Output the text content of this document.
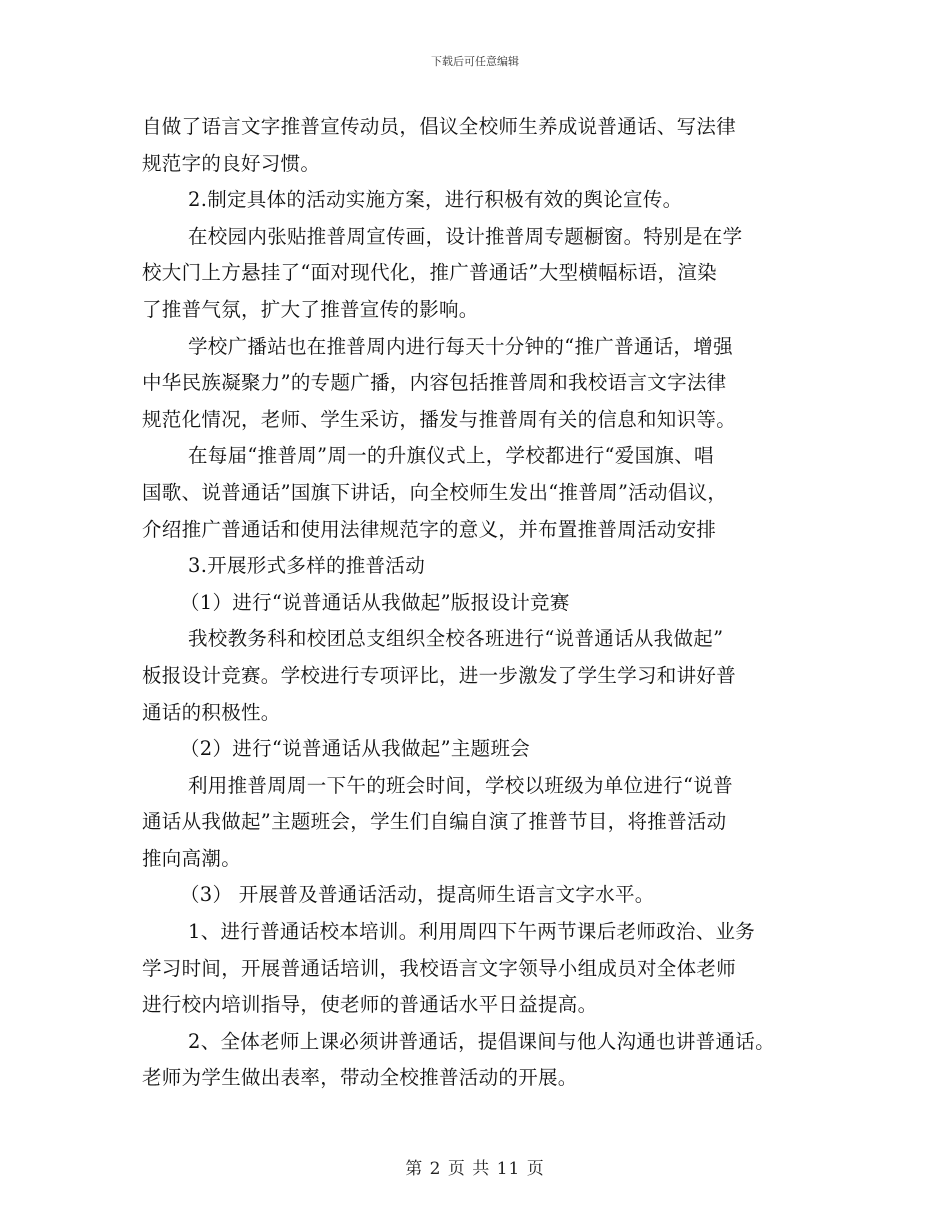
下载后可任意编辑
自做了语言文字推普宣传动员，倡议全校师生养成说普通话、写法律
规范字的良好习惯。
2.制定具体的活动实施方案，进行积极有效的舆论宣传。
在校园内张贴推普周宣传画，设计推普周专题橱窗。特别是在学
校大门上方悬挂了“面对现代化，推广普通话”大型横幅标语，渲染
了推普气氛，扩大了推普宣传的影响。
学校广播站也在推普周内进行每天十分钟的“推广普通话，增强
中华民族凝聚力”的专题广播，内容包括推普周和我校语言文字法律
规范化情况，老师、学生采访，播发与推普周有关的信息和知识等。
在每届“推普周”周一的升旗仪式上，学校都进行“爱国旗、唱
国歌、说普通话”国旗下讲话，向全校师生发出“推普周”活动倡议，
介绍推广普通话和使用法律规范字的意义，并布置推普周活动安排
3.开展形式多样的推普活动
（1）进行“说普通话从我做起”版报设计竞赛
我校教务科和校团总支组织全校各班进行“说普通话从我做起”
板报设计竞赛。学校进行专项评比，进一步激发了学生学习和讲好普
通话的积极性。
（2）进行“说普通话从我做起”主题班会
利用推普周周一下午的班会时间，学校以班级为单位进行“说普
通话从我做起”主题班会，学生们自编自演了推普节目，将推普活动
推向高潮。
（3） 开展普及普通话活动，提高师生语言文字水平。
1、进行普通话校本培训。利用周四下午两节课后老师政治、业务
学习时间，开展普通话培训，我校语言文字领导小组成员对全体老师
进行校内培训指导，使老师的普通话水平日益提高。
2、全体老师上课必须讲普通话，提倡课间与他人沟通也讲普通话。
老师为学生做出表率，带动全校推普活动的开展。
第 2 页 共 11 页
